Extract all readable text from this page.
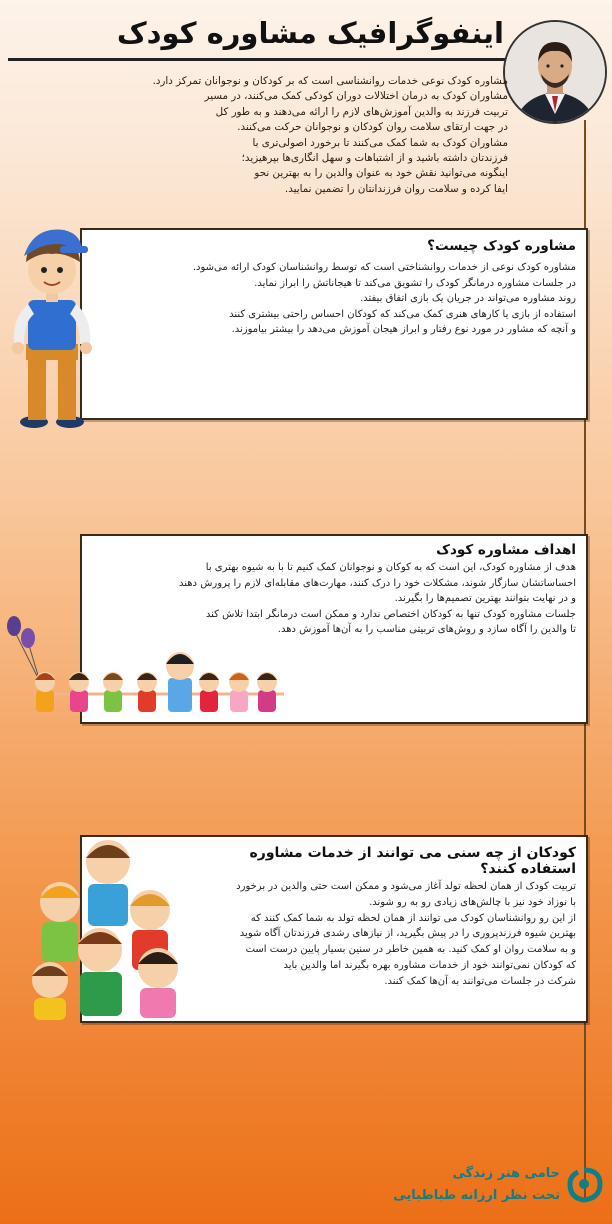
اینفوگرافیک مشاوره کودک

مشاوره کودک نوعی خدمات روانشناسی است که بر کودکان و نوجوانان تمرکز دارد.

مشاوران کودک به درمان اختلالات دوران کودکی کمک می‌کنند، در مسیر

تربیت فرزند به والدین آموزش‌های لازم را ارائه می‌دهند و به طور کل

در جهت ارتقای سلامت روان کودکان و نوجوانان حرکت می‌کنند.

مشاوران کودک به شما کمک می‌کنند تا برخورد اصولی‌تری با

فرزندتان داشته باشید و از اشتباهات و سهل انگاری‌ها بپرهیزید؛

اینگونه می‌توانید نقش خود به عنوان والدین را به بهترین نحو

ایفا کرده و سلامت روان فرزندانتان را تضمین نمایید.

مشاوره کودک چیست؟

مشاوره کودک نوعی از خدمات روانشناختی است که توسط روانشناسان کودک ارائه می‌شود.

در جلسات مشاوره درمانگر کودک را تشویق می‌کند تا هیجاناتش را ابراز نماید.

روند مشاوره می‌تواند در جریان یک بازی اتفاق بیفتد.

استفاده از بازی یا کارهای هنری کمک می‌کند که کودکان احساس راحتی بیشتری کنند

و آنچه که مشاور در مورد نوع رفتار و ابراز هیجان آموزش می‌دهد را بیشتر بیاموزند.

اهداف مشاوره کودک

هدف از مشاوره کودک، این است که به کوکان و نوجوانان کمک کنیم تا با به شیوه بهتری با

احساساتشان سازگار شوند، مشکلات خود را درک کنند، مهارت‌های مقابله‌ای لازم را پرورش دهند

و در نهایت بتوانند بهترین تصمیم‌ها را بگیرند.

جلسات مشاوره کودک تنها به کودکان اختصاص ندارد و ممکن است درمانگر ابتدا تلاش کند

تا والدین را آگاه سازد و روش‌های تربیتی مناسب را به آن‌ها آموزش دهد.

کودکان از چه سنی می توانند از خدمات مشاوره استفاده کنند؟

تربیت کودک از همان لحظه تولد آغاز می‌شود و ممکن است حتی والدین در برخورد

با نوزاد خود نیز با چالش‌های زیادی رو به رو شوند.

از این رو روانشناسان کودک می توانند از همان لحظه تولد به شما کمک کنند که

بهترین شیوه فرزندپروری را در پیش بگیرید، از نیازهای رشدی فرزندتان آگاه شوید

و به سلامت روان او کمک کنید. به همین خاطر در سنین بسیار پایین درست است

که کودکان نمی‌توانند خود از خدمات مشاوره بهره بگیرند اما والدین باید

شرکت در جلسات می‌توانند به آن‌ها کمک کنند.

حامی هنر زندگی
تحت نظر ارزانه طباطبایی
